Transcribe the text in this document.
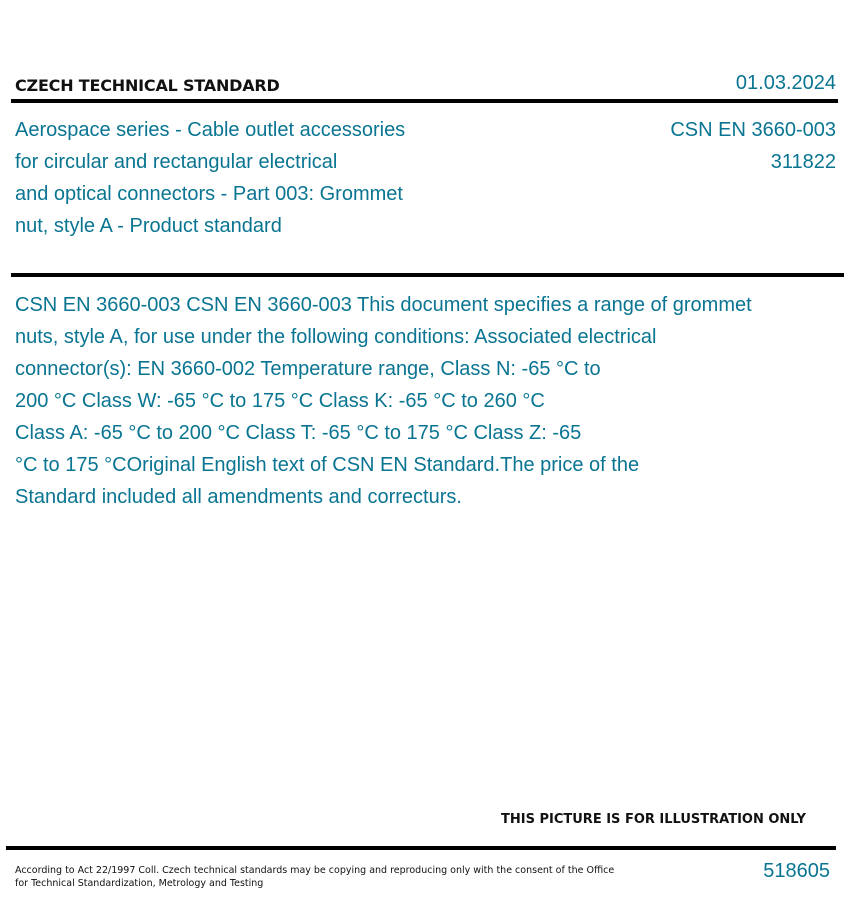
CZECH TECHNICAL STANDARD	01.03.2024
Aerospace series - Cable outlet accessories
for circular and rectangular electrical
and optical connectors - Part 003: Grommet
nut, style A - Product standard
CSN EN 3660-003
311822

CSN EN 3660-003 CSN EN 3660-003 This document specifies a range of grommet

nuts, style A, for use under the following conditions: Associated electrical

connector(s): EN 3660-002 Temperature range, Class N: -65 °C to

200 °C Class W: -65 °C to 175 °C Class K: -65 °C to 260 °C

Class A: -65 °C to 200 °C Class T: -65 °C to 175 °C Class Z: -65

°C to 175 °COriginal English text of CSN EN Standard.The price of the

Standard included all amendments and correcturs.

THIS PICTURE IS FOR ILLUSTRATION ONLY
According to Act 22/1997 Coll. Czech technical standards may be copying and reproducing only with the consent of the Office
for Technical Standardization, Metrology and Testing
518605
